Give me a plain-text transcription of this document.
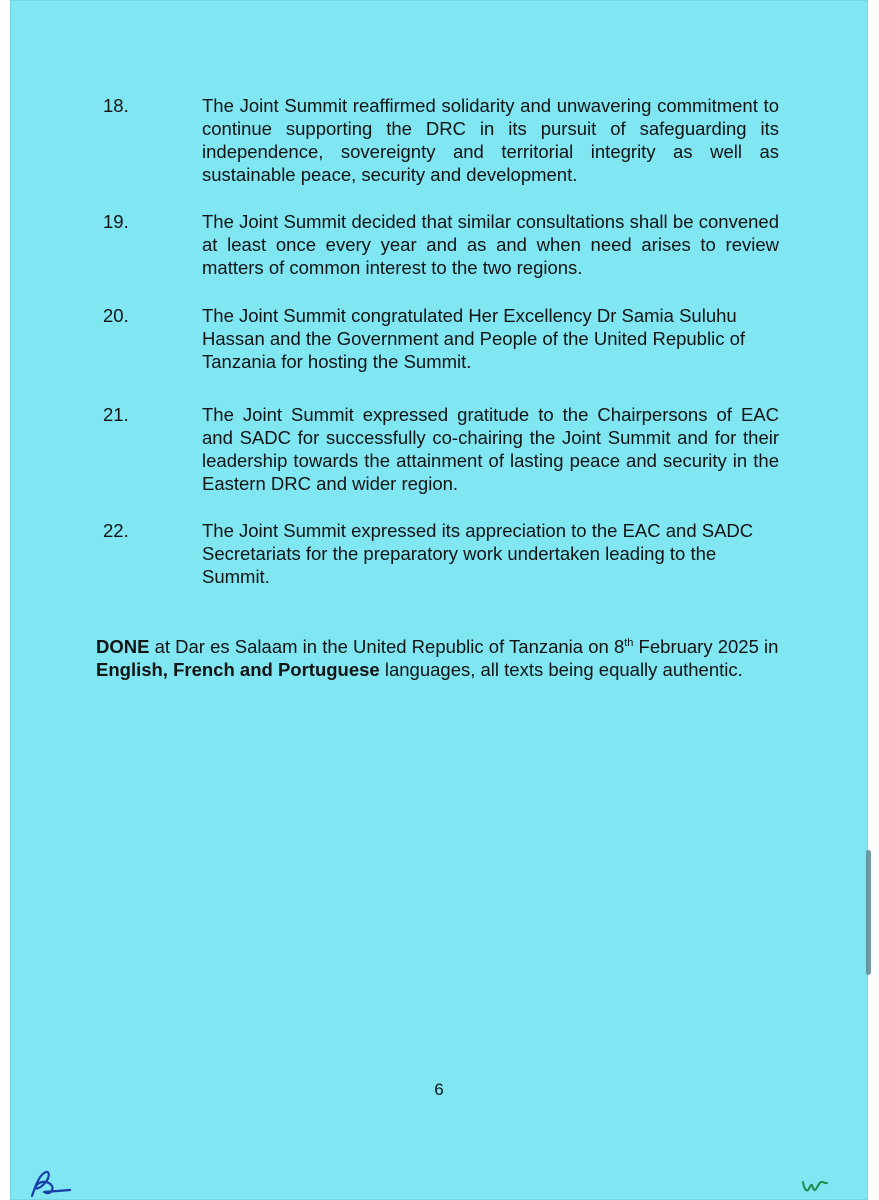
18.	The Joint Summit reaffirmed solidarity and unwavering commitment to continue supporting the DRC in its pursuit of safeguarding its independence, sovereignty and territorial integrity as well as sustainable peace, security and development.
19.	The Joint Summit decided that similar consultations shall be convened at least once every year and as and when need arises to review matters of common interest to the two regions.
20.	The Joint Summit congratulated Her Excellency Dr Samia Suluhu Hassan and the Government and People of the United Republic of Tanzania for hosting the Summit.
21.	The Joint Summit expressed gratitude to the Chairpersons of EAC and SADC for successfully co-chairing the Joint Summit and for their leadership towards the attainment of lasting peace and security in the Eastern DRC and wider region.
22.	The Joint Summit expressed its appreciation to the EAC and SADC Secretariats for the preparatory work undertaken leading to the Summit.
DONE at Dar es Salaam in the United Republic of Tanzania on 8th February 2025 in English, French and Portuguese languages, all texts being equally authentic.
6
